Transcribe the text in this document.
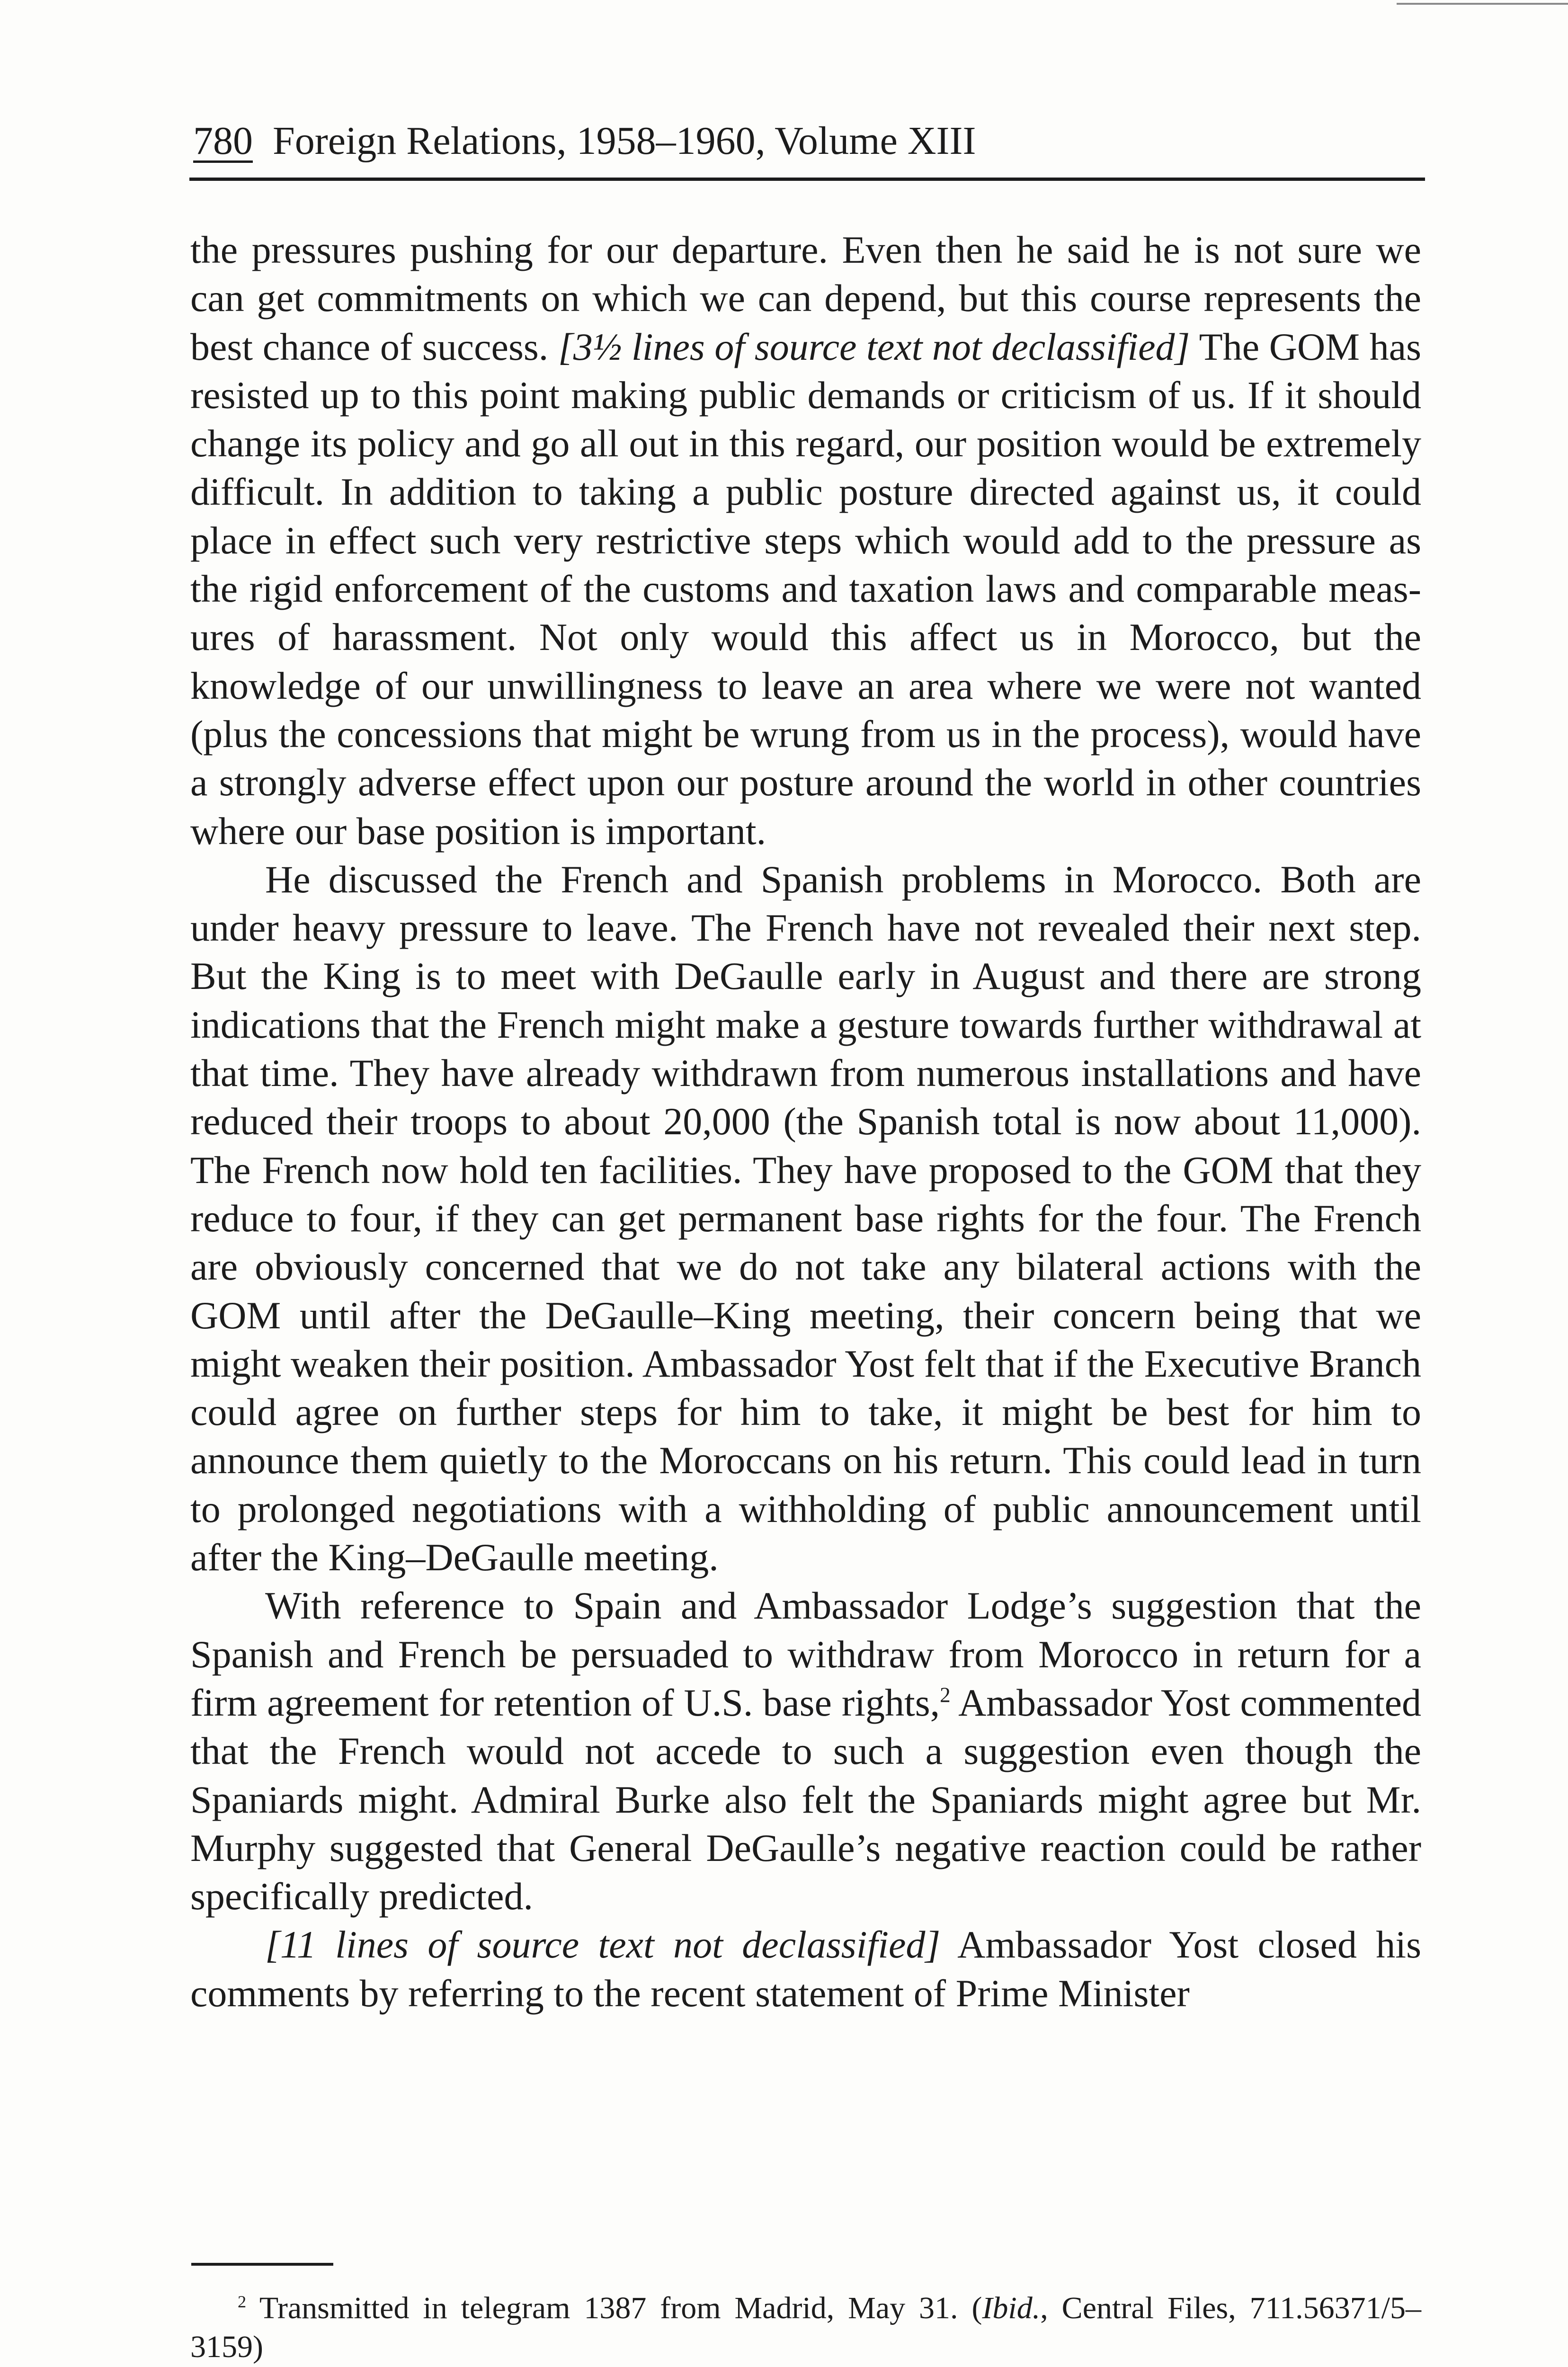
780 Foreign Relations, 1958–1960, Volume XIII

the pressures pushing for our departure. Even then he said he is not sure we can get commitments on which we can depend, but this course represents the best chance of success. [3½ lines of source text not declassified] The GOM has resisted up to this point making public demands or criticism of us. If it should change its policy and go all out in this regard, our position would be extremely difficult. In addition to taking a public posture directed against us, it could place in effect such very restrictive steps which would add to the pressure as the rigid enforcement of the customs and taxation laws and comparable measures of harassment. Not only would this affect us in Morocco, but the knowledge of our unwillingness to leave an area where we were not wanted (plus the concessions that might be wrung from us in the process), would have a strongly adverse effect upon our posture around the world in other countries where our base position is important.

He discussed the French and Spanish problems in Morocco. Both are under heavy pressure to leave. The French have not revealed their next step. But the King is to meet with DeGaulle early in August and there are strong indications that the French might make a gesture towards further withdrawal at that time. They have already withdrawn from numerous installations and have reduced their troops to about 20,000 (the Spanish total is now about 11,000). The French now hold ten facilities. They have proposed to the GOM that they reduce to four, if they can get permanent base rights for the four. The French are obviously concerned that we do not take any bilateral actions with the GOM until after the DeGaulle–King meeting, their concern being that we might weaken their position. Ambassador Yost felt that if the Executive Branch could agree on further steps for him to take, it might be best for him to announce them quietly to the Moroccans on his return. This could lead in turn to prolonged negotiations with a withholding of public announcement until after the King–DeGaulle meeting.

With reference to Spain and Ambassador Lodge’s suggestion that the Spanish and French be persuaded to withdraw from Morocco in return for a firm agreement for retention of U.S. base rights,$^2$ Ambassador Yost commented that the French would not accede to such a suggestion even though the Spaniards might. Admiral Burke also felt the Spaniards might agree but Mr. Murphy suggested that General DeGaulle’s negative reaction could be rather specifically predicted.

[11 lines of source text not declassified] Ambassador Yost closed his comments by referring to the recent statement of Prime Minister

$^2$ Transmitted in telegram 1387 from Madrid, May 31. (Ibid., Central Files, 711.56371/5–3159)
